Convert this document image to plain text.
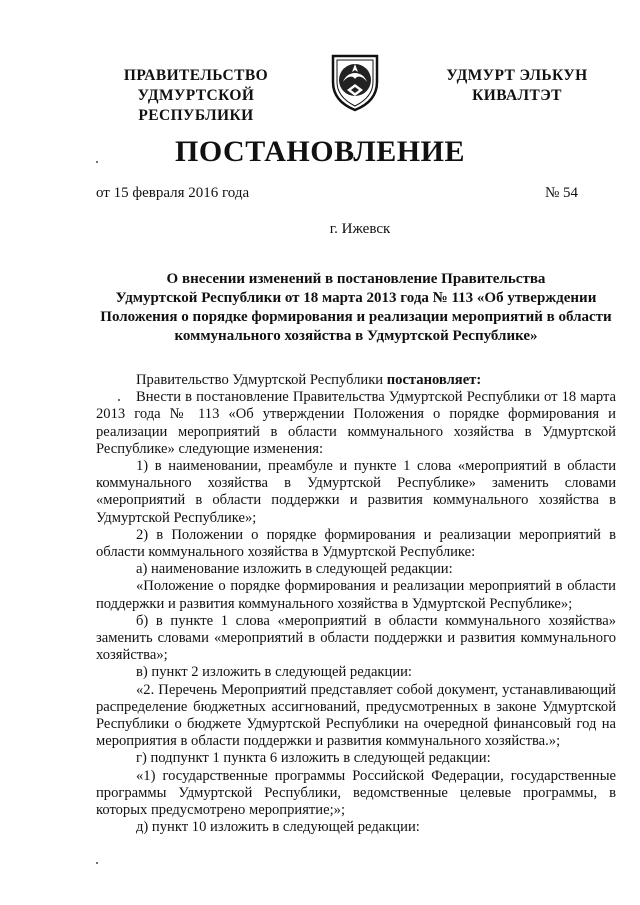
ПРАВИТЕЛЬСТВО
УДМУРТСКОЙ РЕСПУБЛИКИ
УДМУРТ ЭЛЬКУН
КИВАЛТЭТ
ПОСТАНОВЛЕНИЕ
от 15 февраля 2016 года	№ 54
г. Ижевск
О внесении изменений в постановление Правительства
Удмуртской Республики от 18 марта 2013 года № 113 «Об утверждении
Положения о порядке формирования и реализации мероприятий в области
коммунального хозяйства в Удмуртской Республике»

Правительство Удмуртской Республики постановляет:

Внести в постановление Правительства Удмуртской Республики от 18 марта 2013 года № 113 «Об утверждении Положения о порядке формирования и реализации мероприятий в области коммунального хозяйства в Удмуртской Республике» следующие изменения:

1) в наименовании, преамбуле и пункте 1 слова «мероприятий в области коммунального хозяйства в Удмуртской Республике» заменить словами «мероприятий в области поддержки и развития коммунального хозяйства в Удмуртской Республике»;

2) в Положении о порядке формирования и реализации мероприятий в области коммунального хозяйства в Удмуртской Республике:

а) наименование изложить в следующей редакции:

«Положение о порядке формирования и реализации мероприятий в области поддержки и развития коммунального хозяйства в Удмуртской Республике»;

б) в пункте 1 слова «мероприятий в области коммунального хозяйства» заменить словами «мероприятий в области поддержки и развития коммунального хозяйства»;

в) пункт 2 изложить в следующей редакции:

«2. Перечень Мероприятий представляет собой документ, устанавливающий распределение бюджетных ассигнований, предусмотренных в законе Удмуртской Республики о бюджете Удмуртской Республики на очередной финансовый год на мероприятия в области поддержки и развития коммунального хозяйства.»;

г) подпункт 1 пункта 6 изложить в следующей редакции:

«1) государственные программы Российской Федерации, государственные программы Удмуртской Республики, ведомственные целевые программы, в которых предусмотрено мероприятие;»;

д) пункт 10 изложить в следующей редакции:
